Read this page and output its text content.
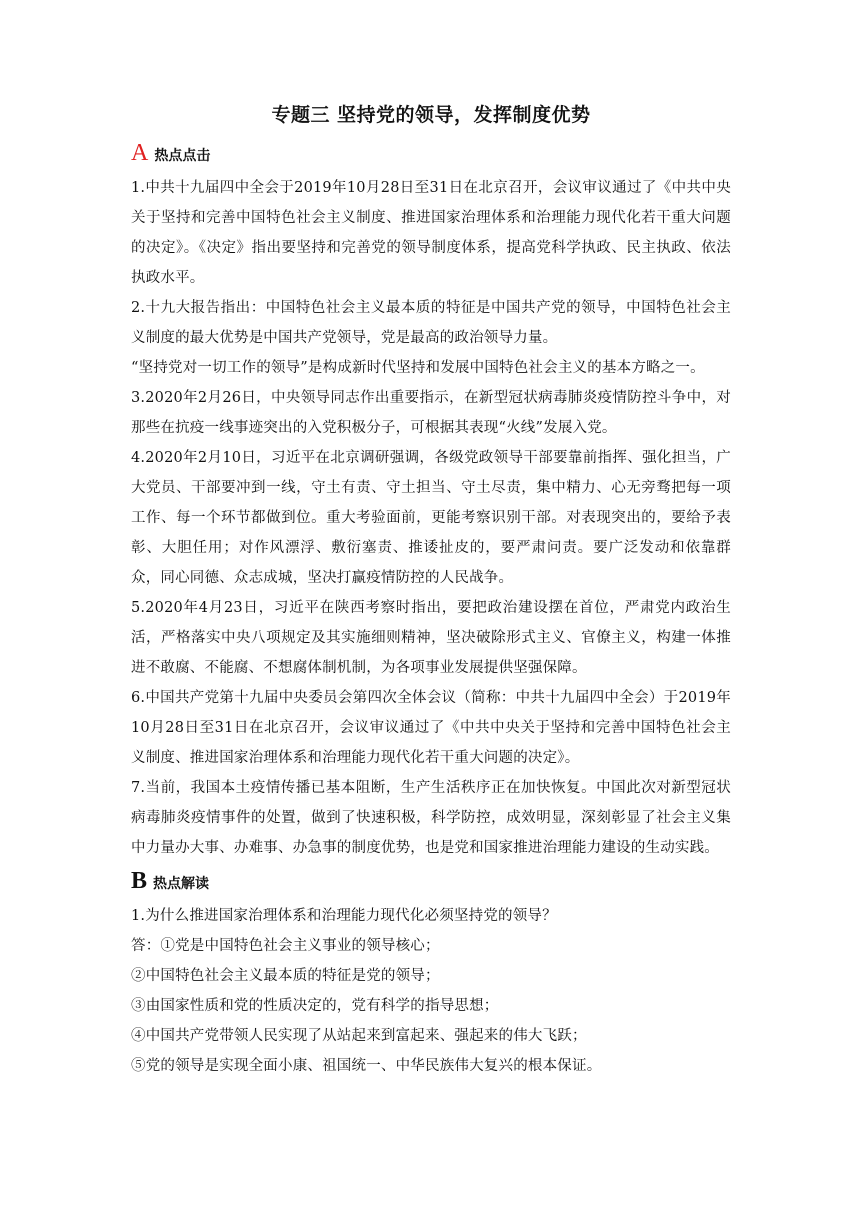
专题三 坚持党的领导，发挥制度优势
A 热点点击

1.中共十九届四中全会于2019年10月28日至31日在北京召开，会议审议通过了《中共中央关于坚持和完善中国特色社会主义制度、推进国家治理体系和治理能力现代化若干重大问题的决定》。《决定》指出要坚持和完善党的领导制度体系，提高党科学执政、民主执政、依法执政水平。

2.十九大报告指出：中国特色社会主义最本质的特征是中国共产党的领导，中国特色社会主义制度的最大优势是中国共产党领导，党是最高的政治领导力量。

“坚持党对一切工作的领导”是构成新时代坚持和发展中国特色社会主义的基本方略之一。

3.2020年2月26日，中央领导同志作出重要指示，在新型冠状病毒肺炎疫情防控斗争中，对那些在抗疫一线事迹突出的入党积极分子，可根据其表现“火线”发展入党。

4.2020年2月10日，习近平在北京调研强调，各级党政领导干部要靠前指挥、强化担当，广大党员、干部要冲到一线，守土有责、守土担当、守土尽责，集中精力、心无旁骛把每一项工作、每一个环节都做到位。重大考验面前，更能考察识别干部。对表现突出的，要给予表彰、大胆任用；对作风漂浮、敷衍塞责、推诿扯皮的，要严肃问责。要广泛发动和依靠群众，同心同德、众志成城，坚决打赢疫情防控的人民战争。

5.2020年4月23日，习近平在陕西考察时指出，要把政治建设摆在首位，严肃党内政治生活，严格落实中央八项规定及其实施细则精神，坚决破除形式主义、官僚主义，构建一体推进不敢腐、不能腐、不想腐体制机制，为各项事业发展提供坚强保障。

6.中国共产党第十九届中央委员会第四次全体会议（简称：中共十九届四中全会）于2019年10月28日至31日在北京召开，会议审议通过了《中共中央关于坚持和完善中国特色社会主义制度、推进国家治理体系和治理能力现代化若干重大问题的决定》。

7.当前，我国本土疫情传播已基本阻断，生产生活秩序正在加快恢复。中国此次对新型冠状病毒肺炎疫情事件的处置，做到了快速积极，科学防控，成效明显，深刻彰显了社会主义集中力量办大事、办难事、办急事的制度优势，也是党和国家推进治理能力建设的生动实践。

B 热点解读

1.为什么推进国家治理体系和治理能力现代化必须坚持党的领导？

答：①党是中国特色社会主义事业的领导核心；

②中国特色社会主义最本质的特征是党的领导；

③由国家性质和党的性质决定的，党有科学的指导思想；

④中国共产党带领人民实现了从站起来到富起来、强起来的伟大飞跃；

⑤党的领导是实现全面小康、祖国统一、中华民族伟大复兴的根本保证。
